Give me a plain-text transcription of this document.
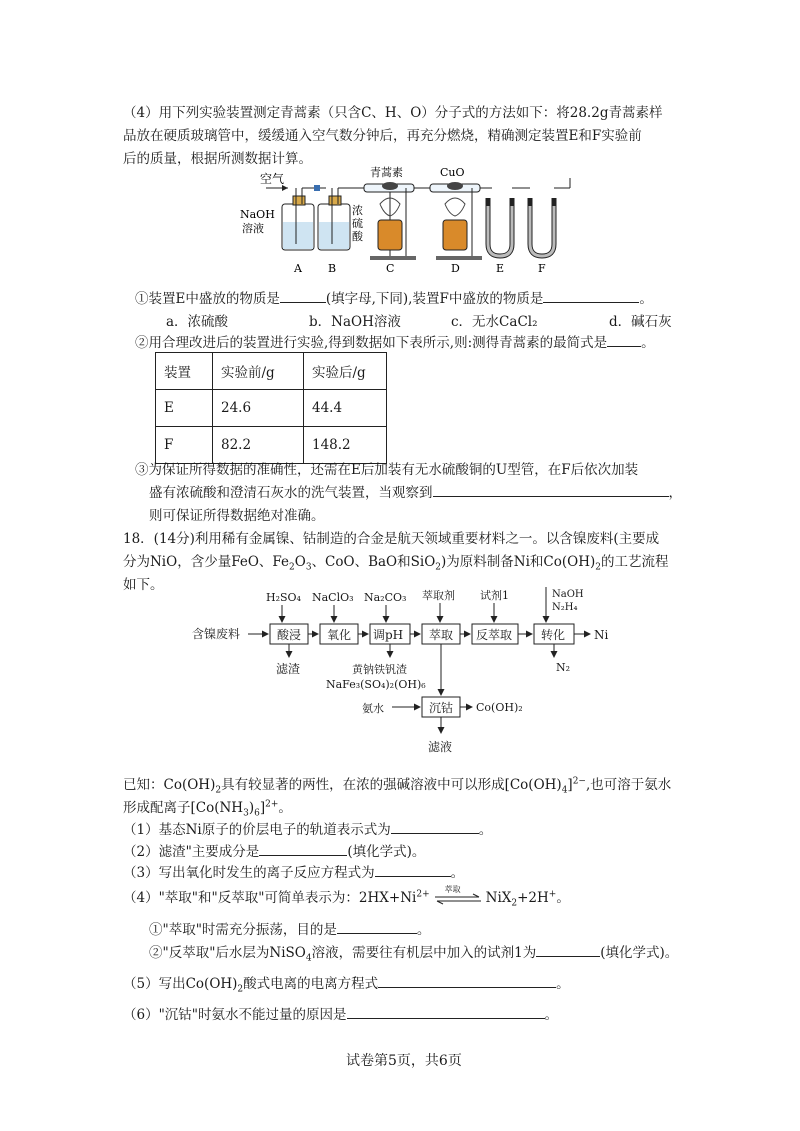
（4）用下列实验装置测定青蒿素（只含C、H、O）分子式的方法如下：将28.2g青蒿素样
品放在硬质玻璃管中，缓缓通入空气数分钟后，再充分燃烧，精确测定装置E和F实验前
后的质量，根据所测数据计算。
空气
NaOH
溶液
浓
硫
酸
青蒿素	CuO
A B	C	D	E	F
①装置E中盛放的物质是	(填字母,下同),装置F中盛放的物质是	。
a．浓硫酸	b．NaOH溶液	c．无水CaCl₂	d．碱石灰
②用合理改进后的装置进行实验,得到数据如下表所示,则:测得青蒿素的最简式是	。
装置	实验前/g	实验后/g
E	24.6	44.4
F	82.2	148.2
③为保证所得数据的准确性，还需在E后加装有无水硫酸铜的U型管，在F后依次加装
盛有浓硫酸和澄清石灰水的洗气装置，当观察到	，
则可保证所得数据绝对准确。
18．(14分)利用稀有金属镍、钴制造的合金是航天领域重要材料之一。以含镍废料(主要成
分为NiO，含少量FeO、$Fe_2O_3$、CoO、BaO和SiO$_2$)为原料制备Ni和$Co(OH)_2$的工艺流程
如下。
含镍废料	酸浸 氧化 调pH 萃取 反萃取 转化 Ni
H₂SO₄ NaClO₃ Na₂CO₃ 萃取剂 试剂1	NaOH
N₂H₄
滤渣	黄钠铁钒渣
NaFe₃(SO₄)₂(OH)₆
N₂
沉钴
氨水	Co(OH)₂
滤液
已知：$Co(OH)_2$具有较显著的两性，在浓的强碱溶液中可以形成$[Co(OH)_4]^{2-}$,也可溶于氨水
形成配离子$[Co(NH_3)_6]^{2+}$。
（1）基态Ni原子的价层电子的轨道表示式为	。
（2）滤渣"主要成分是	(填化学式)。
（3）写出氧化时发生的离子反应方程式为	。
（4）"萃取"和"反萃取"可简单表示为：$2HX+Ni^{2+}$
萃取
NiX$_2$+2H+。
①"萃取"时需充分振荡，目的是	。
②"反萃取"后水层为NiSO$_4$溶液，需要往有机层中加入的试剂1为	(填化学式)。
（5）写出$Co(OH)_2$酸式电离的电离方程式	。
（6）"沉钴"时氨水不能过量的原因是	。
试卷第5页，共6页
